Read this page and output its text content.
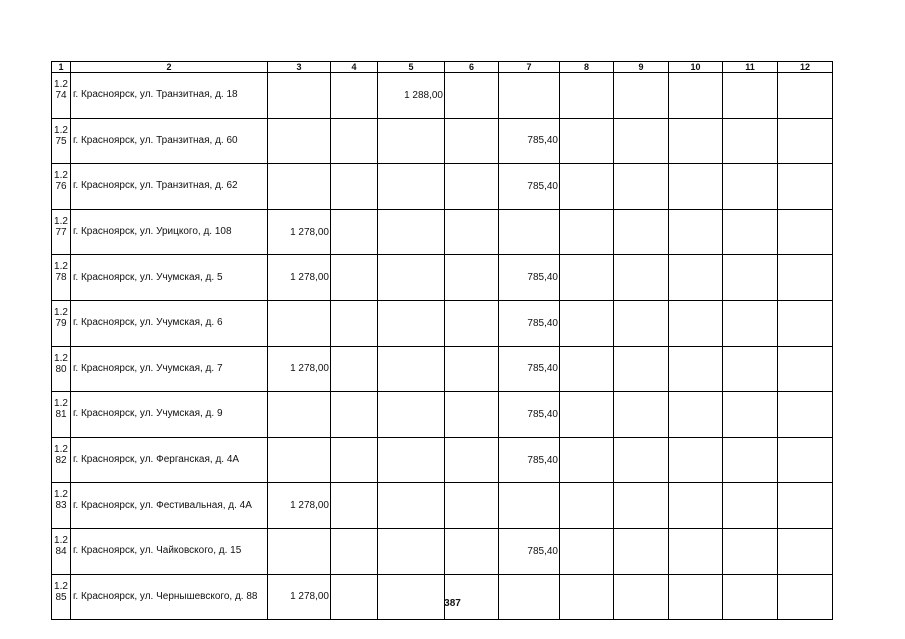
1	2	3	4	5	6	7	8	9	10	11	12
1.274	г. Красноярск, ул. Транзитная, д. 18			1 288,00							
1.275	г. Красноярск, ул. Транзитная, д. 60					785,40					
1.276	г. Красноярск, ул. Транзитная, д. 62					785,40					
1.277	г. Красноярск, ул. Урицкого, д. 108	1 278,00									
1.278	г. Красноярск, ул. Учумская, д. 5	1 278,00				785,40					
1.279	г. Красноярск, ул. Учумская, д. 6					785,40					
1.280	г. Красноярск, ул. Учумская, д. 7	1 278,00				785,40					
1.281	г. Красноярск, ул. Учумская, д. 9					785,40					
1.282	г. Красноярск, ул. Ферганская, д. 4А					785,40					
1.283	г. Красноярск, ул. Фестивальная, д. 4А	1 278,00									
1.284	г. Красноярск, ул. Чайковского, д. 15					785,40					
1.285	г. Красноярск, ул. Чернышевского, д. 88	1 278,00									
387
